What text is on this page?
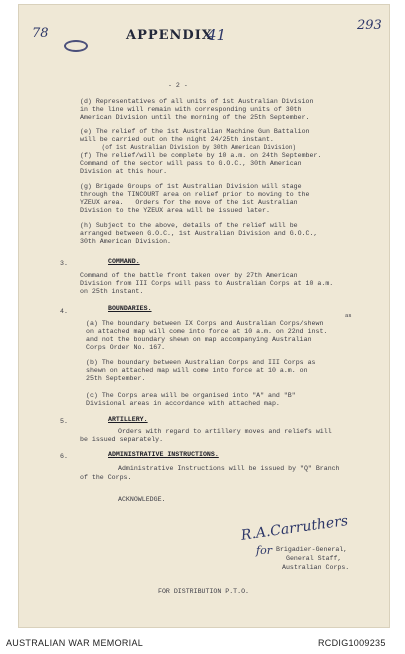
78
293
APPENDIX
41
- 2 -
(d) Representatives of all units of 1st Australian Division
in the line will remain with corresponding units of 30th
American Division until the morning of the 25th September.
(e) The relief of the 1st Australian Machine Gun Battalion
will be carried out on the night 24/25th instant.
(of 1st Australian Division by 30th American Division)
(f) The relief/will be complete by 10 a.m. on 24th September.
Command of the sector will pass to G.O.C., 30th American
Division at this hour.
(g) Brigade Groups of 1st Australian Division will stage
through the TINCOURT area on relief prior to moving to the
YZEUX area.   Orders for the move of the 1st Australian
Division to the YZEUX area will be issued later.
(h) Subject to the above, details of the relief will be
arranged between G.O.C., 1st Australian Division and G.O.C.,
30th American Division.
3.	COMMAND.
Command of the battle front taken over by 27th American
Division from III Corps will pass to Australian Corps at 10 a.m.
on 25th instant.
4.	BOUNDARIES.
as
(a) The boundary between IX Corps and Australian Corps/shewn
on attached map will come into force at 10 a.m. on 22nd inst.
and not the boundary shewn on map accompanying Australian
Corps Order No. 167.
(b) The boundary between Australian Corps and III Corps as
shewn on attached map will come into force at 10 a.m. on
25th September.
(c) The Corps area will be organised into "A" and "B"
Divisional areas in accordance with attached map.
5.	ARTILLERY.
Orders with regard to artillery moves and reliefs will
be issued separately.
6.	ADMINISTRATIVE INSTRUCTIONS.
Administrative Instructions will be issued by "Q" Branch
of the Corps.
ACKNOWLEDGE.
R.A.Carruthers
for Brigadier-General,
General Staff,
Australian Corps.
FOR DISTRIBUTION P.T.O.
AUSTRALIAN WAR MEMORIAL	RCDIG1009235
